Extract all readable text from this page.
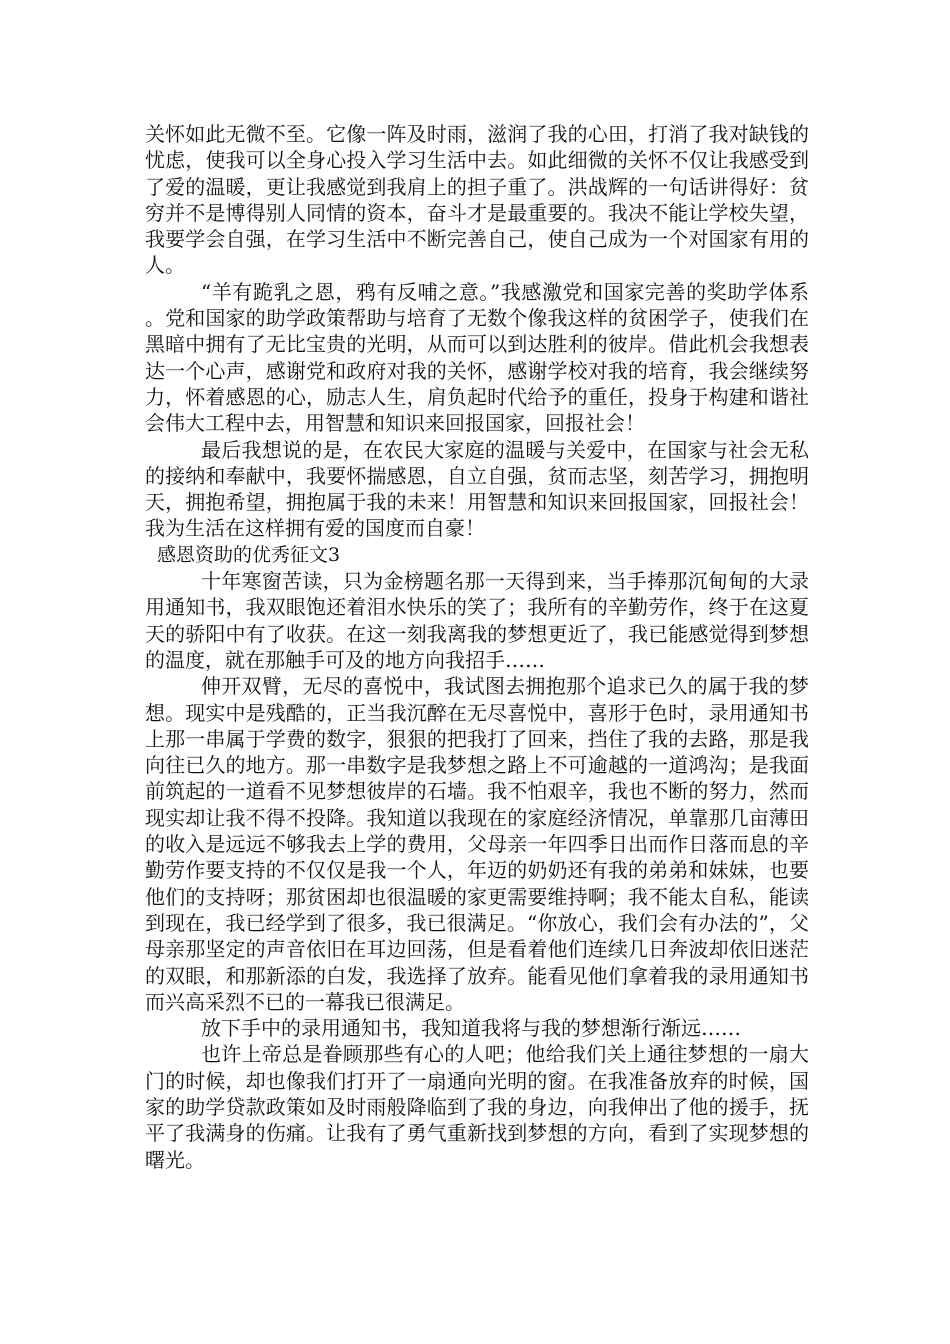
关怀如此无微不至。它像一阵及时雨，滋润了我的心田，打消了我对缺钱的忧虑，使我可以全身心投入学习生活中去。如此细微的关怀不仅让我感受到了爱的温暖，更让我感觉到我肩上的担子重了。洪战辉的一句话讲得好：贫穷并不是博得别人同情的资本，奋斗才是最重要的。我决不能让学校失望，我要学会自强，在学习生活中不断完善自己，使自己成为一个对国家有用的人。

“羊有跪乳之恩，鸦有反哺之意。”我感激党和国家完善的奖助学体系。党和国家的助学政策帮助与培育了无数个像我这样的贫困学子，使我们在黑暗中拥有了无比宝贵的光明，从而可以到达胜利的彼岸。借此机会我想表达一个心声，感谢党和政府对我的关怀，感谢学校对我的培育，我会继续努力，怀着感恩的心，励志人生，肩负起时代给予的重任，投身于构建和谐社会伟大工程中去，用智慧和知识来回报国家，回报社会！

最后我想说的是，在农民大家庭的温暖与关爱中，在国家与社会无私的接纳和奉献中，我要怀揣感恩，自立自强，贫而志坚，刻苦学习，拥抱明天，拥抱希望，拥抱属于我的未来！用智慧和知识来回报国家，回报社会！我为生活在这样拥有爱的国度而自豪！

感恩资助的优秀征文3

十年寒窗苦读，只为金榜题名那一天得到来，当手捧那沉甸甸的大录用通知书，我双眼饱还着泪水快乐的笑了；我所有的辛勤劳作，终于在这夏天的骄阳中有了收获。在这一刻我离我的梦想更近了，我已能感觉得到梦想的温度，就在那触手可及的地方向我招手……

伸开双臂，无尽的喜悦中，我试图去拥抱那个追求已久的属于我的梦想。现实中是残酷的，正当我沉醉在无尽喜悦中，喜形于色时，录用通知书上那一串属于学费的数字，狠狠的把我打了回来，挡住了我的去路，那是我向往已久的地方。那一串数字是我梦想之路上不可逾越的一道鸿沟；是我面前筑起的一道看不见梦想彼岸的石墙。我不怕艰辛，我也不断的努力，然而现实却让我不得不投降。我知道以我现在的家庭经济情况，单靠那几亩薄田的收入是远远不够我去上学的费用，父母亲一年四季日出而作日落而息的辛勤劳作要支持的不仅仅是我一个人，年迈的奶奶还有我的弟弟和妹妹，也要他们的支持呀；那贫困却也很温暖的家更需要维持啊；我不能太自私，能读到现在，我已经学到了很多，我已很满足。“你放心，我们会有办法的”，父母亲那坚定的声音依旧在耳边回荡，但是看着他们连续几日奔波却依旧迷茫的双眼，和那新添的白发，我选择了放弃。能看见他们拿着我的录用通知书而兴高采烈不已的一幕我已很满足。

放下手中的录用通知书，我知道我将与我的梦想渐行渐远……

也许上帝总是眷顾那些有心的人吧；他给我们关上通往梦想的一扇大门的时候，却也像我们打开了一扇通向光明的窗。在我准备放弃的时候，国家的助学贷款政策如及时雨般降临到了我的身边，向我伸出了他的援手，抚平了我满身的伤痛。让我有了勇气重新找到梦想的方向，看到了实现梦想的曙光。
